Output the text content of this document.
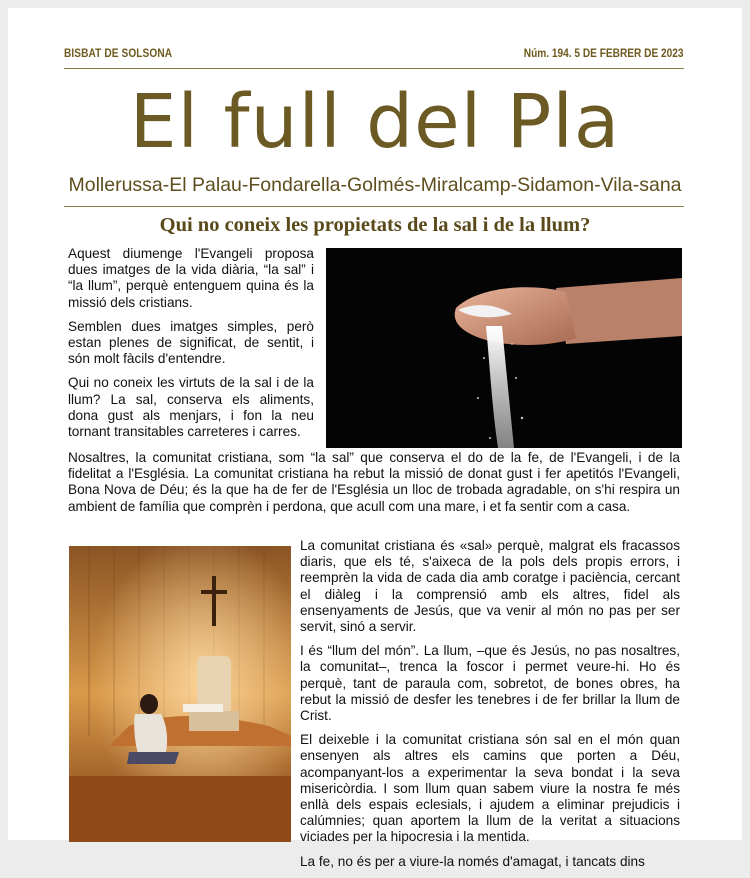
BISBAT DE SOLSONA	Núm. 194. 5 DE FEBRER DE 2023
El full del Pla
Mollerussa-El Palau-Fondarella-Golmés-Miralcamp-Sidamon-Vila-sana
Qui no coneix les propietats de la sal i de la llum?

Aquest diumenge l'Evangeli proposa dues imatges de la vida diària, “la sal” i “la llum”, perquè entenguem quina és la missió dels cristians.

Semblen dues imatges simples, però estan plenes de significat, de sentit, i són molt fàcils d'entendre.

Qui no coneix les virtuts de la sal i de la llum? La sal, conserva els aliments, dona gust als menjars, i fon la neu tornant transitables carreteres i carres.

Nosaltres, la comunitat cristiana, som “la sal” que conserva el do de la fe, de l'Evangeli, i de la fidelitat a l'Església. La comunitat cristiana ha rebut la missió de donat gust i fer apetitós l'Evangeli, Bona Nova de Déu; és la que ha de fer de l'Església un lloc de trobada agradable, on s'hi respira un ambient de família que comprèn i perdona, que acull com una mare, i et fa sentir com a casa.

La comunitat cristiana és «sal» perquè, malgrat els fracassos diaris, que els té, s'aixeca de la pols dels propis errors, i reemprèn la vida de cada dia amb coratge i paciència, cercant el diàleg i la comprensió amb els altres, fidel als ensenyaments de Jesús, que va venir al món no pas per ser servit, sinó a servir.

I és “llum del món”. La llum, –que és Jesús, no pas nosaltres, la comunitat–, trenca la foscor i permet veure-hi. Ho és perquè, tant de paraula com, sobretot, de bones obres, ha rebut la missió de desfer les tenebres i de fer brillar la llum de Crist.

El deixeble i la comunitat cristiana són sal en el món quan ensenyen als altres els camins que porten a Déu, acompanyant-los a experimentar la seva bondat i la seva misericòrdia. I som llum quan sabem viure la nostra fe més enllà dels espais eclesials, i ajudem a eliminar prejudicis i calúmnies; quan aportem la llum de la veritat a situacions viciades per la hipocresia i la mentida.

La fe, no és per a viure-la només d'amagat, i tancats dins
